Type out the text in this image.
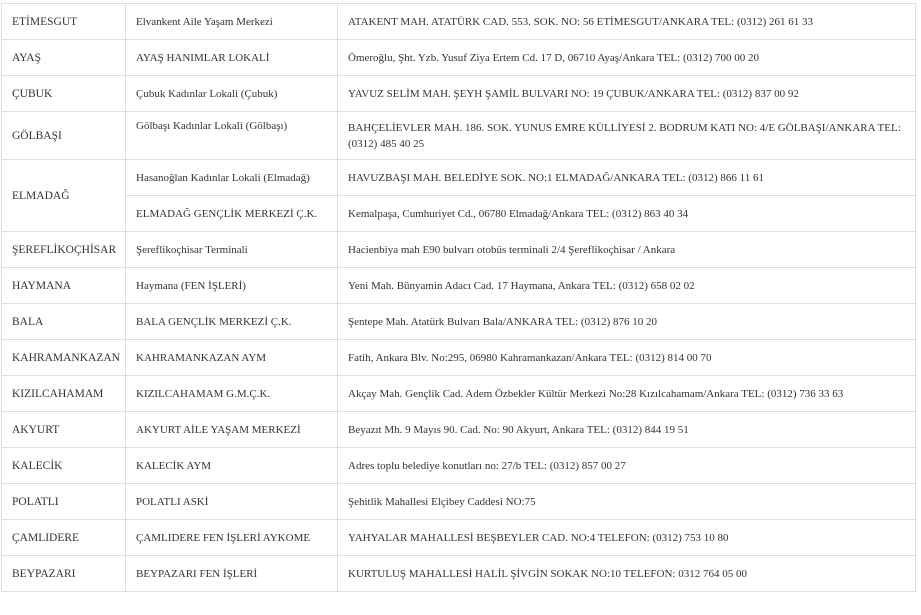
ETİMESGUT	Elvankent Aile Yaşam Merkezi	ATAKENT MAH. ATATÜRK CAD. 553. SOK. NO: 56 ETİMESGUT/ANKARA TEL: (0312) 261 61 33
AYAŞ	AYAŞ HANIMLAR LOKALİ	Ömeroğlu, Şht. Yzb. Yusuf Ziya Ertem Cd. 17 D, 06710 Ayaş/Ankara TEL: (0312) 700 00 20
ÇUBUK	Çubuk Kadınlar Lokali (Çubuk)	YAVUZ SELİM MAH. ŞEYH ŞAMİL BULVARI NO: 19 ÇUBUK/ANKARA TEL: (0312) 837 00 92
GÖLBAŞI	Gölbaşı Kadınlar Lokali (Gölbaşı)	BAHÇELİEVLER MAH. 186. SOK. YUNUS EMRE KÜLLİYESİ 2. BODRUM KATI NO: 4/E GÖLBAŞI/ANKARA TEL: (0312) 485 40 25
ELMADAĞ	Hasanoğlan Kadınlar Lokali (Elmadağ)	HAVUZBAŞI MAH. BELEDİYE SOK. NO:1 ELMADAĞ/ANKARA TEL: (0312) 866 11 61
	ELMADAĞ GENÇLİK MERKEZİ Ç.K.	Kemalpaşa, Cumhuriyet Cd., 06780 Elmadağ/Ankara TEL: (0312) 863 40 34
ŞEREFLİKOÇHİSAR	Şereflikoçhisar Terminali	Hacienbiya mah E90 bulvarı otobüs terminali 2/4 Şereflikoçhisar / Ankara
HAYMANA	Haymana (FEN İŞLERİ)	Yeni Mah. Bünyamin Adacı Cad. 17 Haymana, Ankara TEL: (0312) 658 02 02
BALA	BALA GENÇLİK MERKEZİ Ç.K.	Şentepe Mah. Atatürk Bulvarı Bala/ANKARA TEL: (0312) 876 10 20
KAHRAMANKAZAN	KAHRAMANKAZAN AYM	Fatih, Ankara Blv. No:295, 06980 Kahramankazan/Ankara TEL: (0312) 814 00 70
KIZILCAHAMAM	KIZILCAHAMAM G.M.Ç.K.	Akçay Mah. Gençlik Cad. Adem Özbekler Kültür Merkezi No:28 Kızılcahamam/Ankara TEL: (0312) 736 33 63
AKYURT	AKYURT AİLE YAŞAM MERKEZİ	Beyazıt Mh. 9 Mayıs 90. Cad. No: 90 Akyurt, Ankara TEL: (0312) 844 19 51
KALECİK	KALECİK AYM	Adres toplu belediye konutları no: 27/b TEL: (0312) 857 00 27
POLATLI	POLATLI ASKİ	Şehitlik Mahallesi Elçibey Caddesi NO:75
ÇAMLIDERE	ÇAMLIDERE FEN İŞLERİ AYKOME	YAHYALAR MAHALLESİ BEŞBEYLER CAD. NO:4 TELEFON: (0312) 753 10 80
BEYPAZARI	BEYPAZARI FEN İŞLERİ	KURTULUŞ MAHALLESİ HALİL ŞİVGİN SOKAK NO:10 TELEFON: 0312 764 05 00
